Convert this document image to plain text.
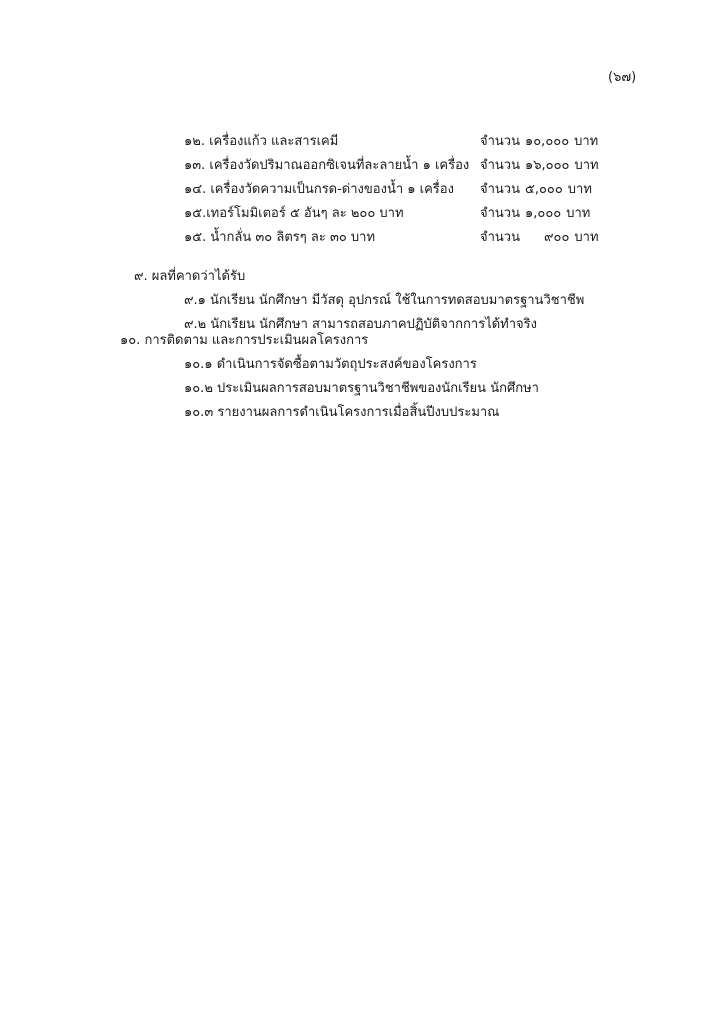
(๖๗)
๑๒. เครื่องแก้ว และสารเคมี	จำนวน ๑๐,๐๐๐ บาท
๑๓. เครื่องวัดปริมาณออกซิเจนที่ละลายน้ำ ๑ เครื่อง จำนวน ๑๖,๐๐๐ บาท
๑๔. เครื่องวัดความเป็นกรด-ด่างของน้ำ ๑ เครื่อง จำนวน ๕,๐๐๐ บาท
๑๕.เทอร์โมมิเตอร์ ๕ อันๆ ละ ๒๐๐ บาท	จำนวน ๑,๐๐๐ บาท
๑๕. น้ำกลั่น ๓๐ ลิตรๆ ละ ๓๐ บาท	จำนวน ๙๐๐ บาท
๙. ผลที่คาดว่าได้รับ
๙.๑ นักเรียน นักศึกษา มีวัสดุ อุปกรณ์ ใช้ในการทดสอบมาตรฐานวิชาชีพ
๙.๒ นักเรียน นักศึกษา สามารถสอบภาคปฏิบัติจากการได้ทำจริง
๑๐. การติดตาม และการประเมินผลโครงการ
๑๐.๑ ดำเนินการจัดซื้อตามวัตถุประสงค์ของโครงการ
๑๐.๒ ประเมินผลการสอบมาตรฐานวิชาชีพของนักเรียน นักศึกษา
๑๐.๓ รายงานผลการดำเนินโครงการเมื่อสิ้นปีงบประมาณ
